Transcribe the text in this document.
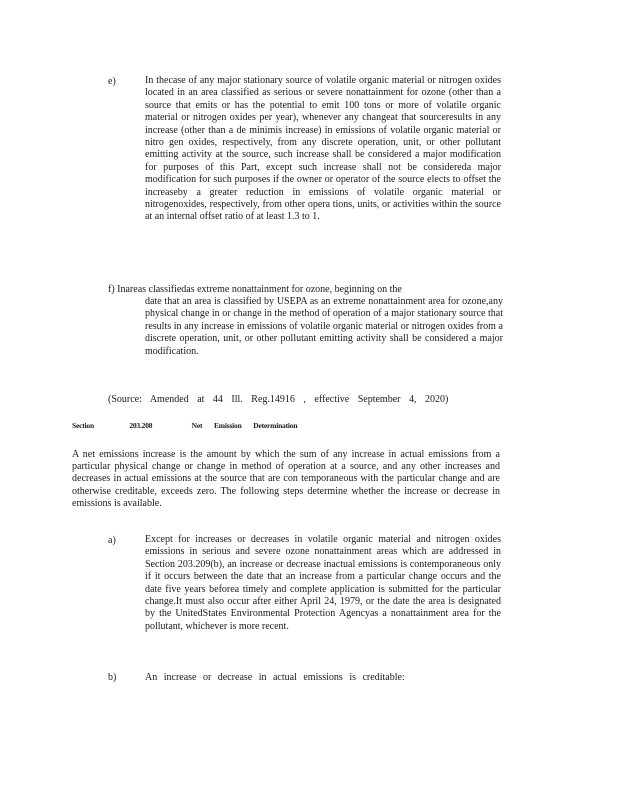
e)	In thecase of any major stationary source of volatile organic material or nitrogen oxides located in an area classified as serious or severe nonattainment for ozone (other than a source that emits or has the potential to emit 100 tons or more of volatile organic material or nitrogen oxides per year), whenever any changeat that sourceresults in any increase (other than a de minimis increase) in emissions of volatile organic material or nitro gen oxides, respectively, from any discrete operation, unit, or other pollutant emitting activity at the source, such increase shall be considered a major modification for purposes of this Part, except such increase shall not be considereda major modification for such purposes if the owner or operator of the source elects to offset the increaseby a greater reduction in emissions of volatile organic material or nitrogenoxides, respectively, from other opera tions, units, or activities within the source at an internal offset ratio of at least 1.3 to 1.
f) Inareas classifiedas extreme nonattainment for ozone, beginning on the
date that an area is classified by USEPA as an extreme nonattainment area for ozone,any physical change in or change in the method of operation of a major stationary source that results in any increase in emissions of volatile organic material or nitrogen oxides from a discrete operation, unit, or other pollutant emitting activity shall be considered a major modification.
(Source: Amended at 44 Ill. Reg.14916 , effective September 4, 2020)
Section	203.208	Net Emission Determination
A net emissions increase is the amount by which the sum of any increase in actual emissions from a particular physical change or change in method of operation at a source, and any other increases and decreases in actual emissions at the source that are con temporaneous with the particular change and are otherwise creditable, exceeds zero. The following steps determine whether the increase or decrease in emissions is available.
a)	Except for increases or decreases in volatile organic material and nitrogen oxides emissions in serious and severe ozone nonattainment areas which are addressed in Section 203.209(b), an increase or decrease inactual emissions is contemporaneous only if it occurs between the date that an increase from a particular change occurs and the date five years beforea timely and complete application is submitted for the particular change.It must also occur after either April 24, 1979, or the date the area is designated by the UnitedStates Environmental Protection Agencyas a nonattainment area for the pollutant, whichever is more recent.
b)	An increase or decrease in actual emissions is creditable:
